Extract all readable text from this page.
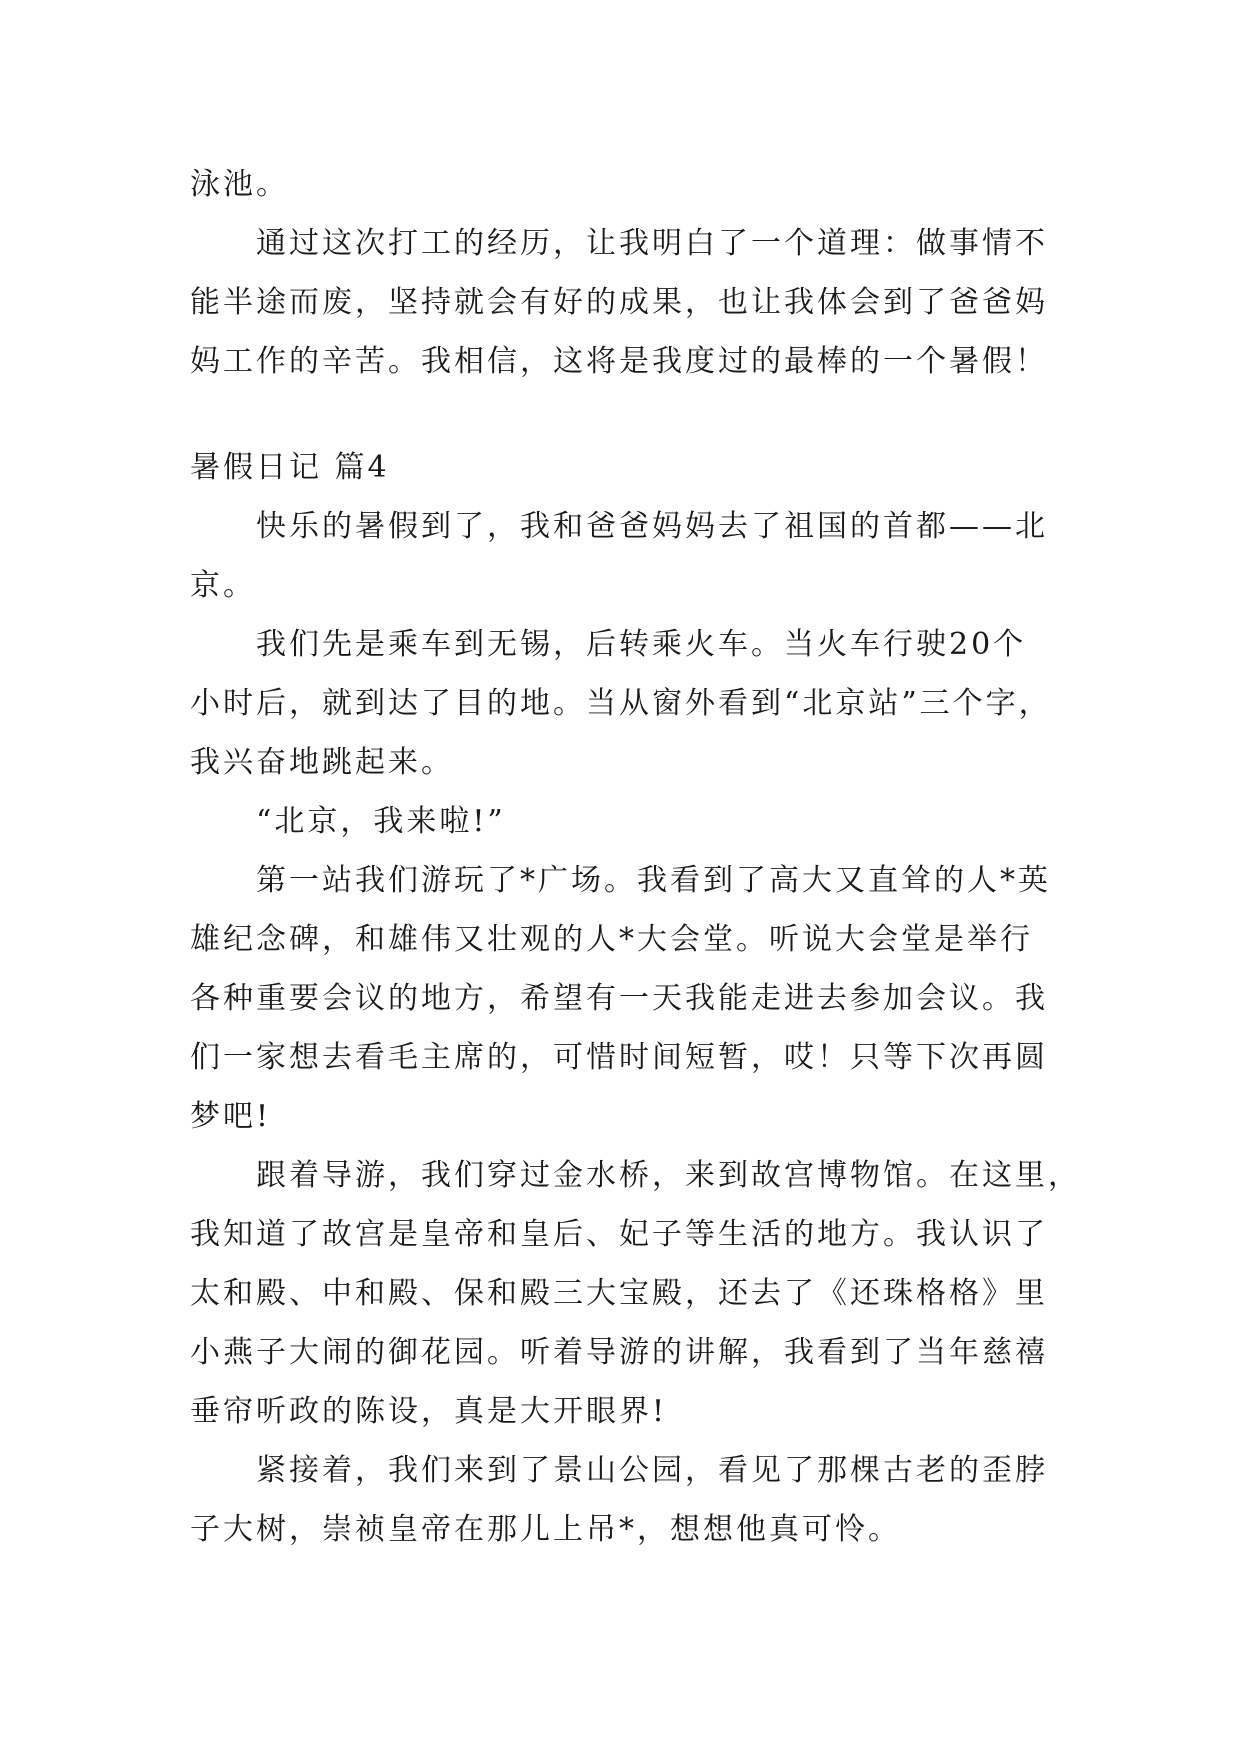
泳池。
通过这次打工的经历，让我明白了一个道理：做事情不
能半途而废，坚持就会有好的成果，也让我体会到了爸爸妈
妈工作的辛苦。我相信，这将是我度过的最棒的一个暑假！
暑假日记 篇4
快乐的暑假到了，我和爸爸妈妈去了祖国的首都——北
京。
我们先是乘车到无锡，后转乘火车。当火车行驶20个
小时后，就到达了目的地。当从窗外看到“北京站”三个字，
我兴奋地跳起来。
“北京，我来啦!”
第一站我们游玩了*广场。我看到了高大又直耸的人*英
雄纪念碑，和雄伟又壮观的人*大会堂。听说大会堂是举行
各种重要会议的地方，希望有一天我能走进去参加会议。我
们一家想去看毛主席的，可惜时间短暂，哎！只等下次再圆
梦吧!
跟着导游，我们穿过金水桥，来到故宫博物馆。在这里，
我知道了故宫是皇帝和皇后、妃子等生活的地方。我认识了
太和殿、中和殿、保和殿三大宝殿，还去了《还珠格格》里
小燕子大闹的御花园。听着导游的讲解，我看到了当年慈禧
垂帘听政的陈设，真是大开眼界!
紧接着，我们来到了景山公园，看见了那棵古老的歪脖
子大树，崇祯皇帝在那儿上吊*，想想他真可怜。
